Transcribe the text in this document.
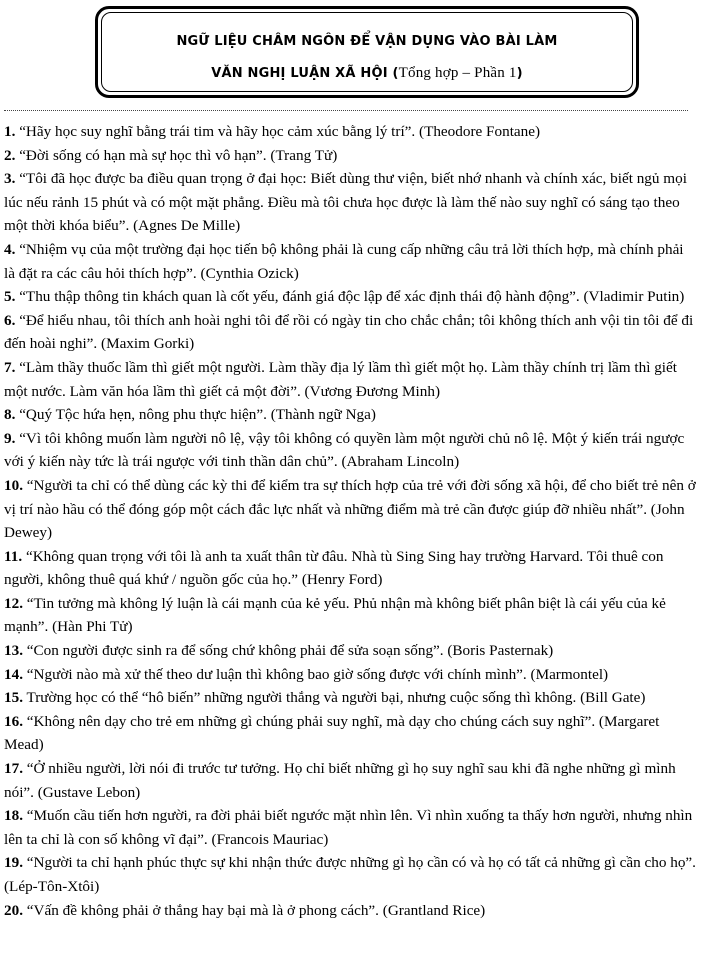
NGỮ LIỆU CHÂM NGÔN ĐỂ VẬN DỤNG VÀO BÀI LÀM
VĂN NGHỊ LUẬN XÃ HỘI (Tổng hợp – Phần 1)
1. “Hãy học suy nghĩ bằng trái tim và hãy học cảm xúc bằng lý trí”. (Theodore Fontane)
2. “Đời sống có hạn mà sự học thì vô hạn”. (Trang Tử)
3. “Tôi đã học được ba điều quan trọng ở đại học: Biết dùng thư viện, biết nhớ nhanh và chính xác, biết ngủ mọi lúc nếu rảnh 15 phút và có một mặt phẳng. Điều mà tôi chưa học được là làm thế nào suy nghĩ có sáng tạo theo một thời khóa biểu”. (Agnes De Mille)
4. “Nhiệm vụ của một trường đại học tiến bộ không phải là cung cấp những câu trả lời thích hợp, mà chính phải là đặt ra các câu hỏi thích hợp”. (Cynthia Ozick)
5. “Thu thập thông tin khách quan là cốt yếu, đánh giá độc lập để xác định thái độ hành động”. (Vladimir Putin)
6. “Để hiểu nhau, tôi thích anh hoài nghi tôi để rồi có ngày tin cho chắc chắn; tôi không thích anh vội tin tôi để đi đến hoài nghi”. (Maxim Gorki)
7. “Làm thầy thuốc lầm thì giết một người. Làm thầy địa lý lầm thì giết một họ. Làm thầy chính trị lầm thì giết một nước. Làm văn hóa lầm thì giết cả một đời”. (Vương Đương Minh)
8. “Quý Tộc hứa hẹn, nông phu thực hiện”. (Thành ngữ Nga)
9. “Vì tôi không muốn làm người nô lệ, vậy tôi không có quyền làm một người chủ nô lệ. Một ý kiến trái ngược với ý kiến này tức là trái ngược với tinh thần dân chủ”. (Abraham Lincoln)
10. “Người ta chỉ có thể dùng các kỳ thi để kiểm tra sự thích hợp của trẻ với đời sống xã hội, để cho biết trẻ nên ở vị trí nào hầu có thể đóng góp một cách đắc lực nhất và những điểm mà trẻ cần được giúp đỡ nhiều nhất”. (John Dewey)
11. “Không quan trọng với tôi là anh ta xuất thân từ đâu. Nhà tù Sing Sing hay trường Harvard. Tôi thuê con người, không thuê quá khứ / nguồn gốc của họ.” (Henry Ford)
12. “Tin tưởng mà không lý luận là cái mạnh của kẻ yếu. Phủ nhận mà không biết phân biệt là cái yếu của kẻ mạnh”. (Hàn Phi Tử)
13. “Con người được sinh ra để sống chứ không phải để sửa soạn sống”. (Boris Pasternak)
14. “Người nào mà xử thế theo dư luận thì không bao giờ sống được với chính mình”. (Marmontel)
15. Trường học có thể “hô biến” những người thắng và người bại, nhưng cuộc sống thì không. (Bill Gate)
16. “Không nên dạy cho trẻ em những gì chúng phải suy nghĩ, mà dạy cho chúng cách suy nghĩ”. (Margaret Mead)
17. “Ở nhiều người, lời nói đi trước tư tưởng. Họ chỉ biết những gì họ suy nghĩ sau khi đã nghe những gì mình nói”. (Gustave Lebon)
18. “Muốn cầu tiến hơn người, ra đời phải biết ngước mặt nhìn lên. Vì nhìn xuống ta thấy hơn người, nhưng nhìn lên ta chỉ là con số không vĩ đại”. (Francois Mauriac)
19. “Người ta chỉ hạnh phúc thực sự khi nhận thức được những gì họ cần có và họ có tất cả những gì cần cho họ”. (Lép-Tôn-Xtôi)
20. “Vấn đề không phải ở thắng hay bại mà là ở phong cách”. (Grantland Rice)
